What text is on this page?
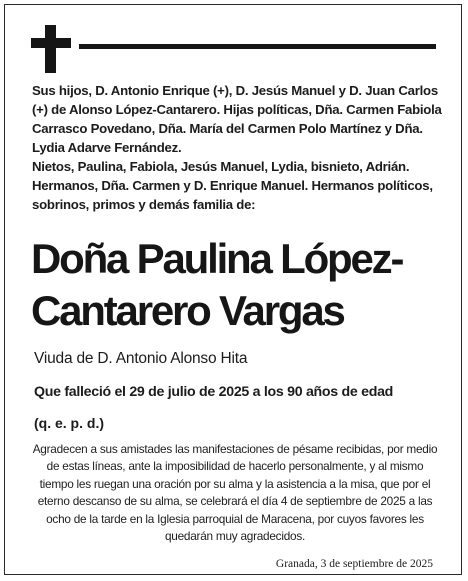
Sus hijos, D. Antonio Enrique (+), D. Jesús Manuel y D. Juan Carlos (+) de Alonso López-Cantarero. Hijas políticas, Dña. Carmen Fabiola Carrasco Povedano, Dña. María del Carmen Polo Martínez y Dña. Lydia Adarve Fernández.

Nietos, Paulina, Fabiola, Jesús Manuel, Lydia, bisnieto, Adrián. Hermanos, Dña. Carmen y D. Enrique Manuel. Hermanos políticos, sobrinos, primos y demás familia de:

Doña Paulina López-Cantarero Vargas

Viuda de D. Antonio Alonso Hita

Que falleció el 29 de julio de 2025 a los 90 años de edad

(q. e. p. d.)

Agradecen a sus amistades las manifestaciones de pésame recibidas, por medio de estas líneas, ante la imposibilidad de hacerlo personalmente, y al mismo tiempo les ruegan una oración por su alma y la asistencia a la misa, que por el eterno descanso de su alma, se celebrará el día 4 de septiembre de 2025 a las ocho de la tarde en la Iglesia parroquial de Maracena, por cuyos favores les quedarán muy agradecidos.

Granada, 3 de septiembre de 2025
